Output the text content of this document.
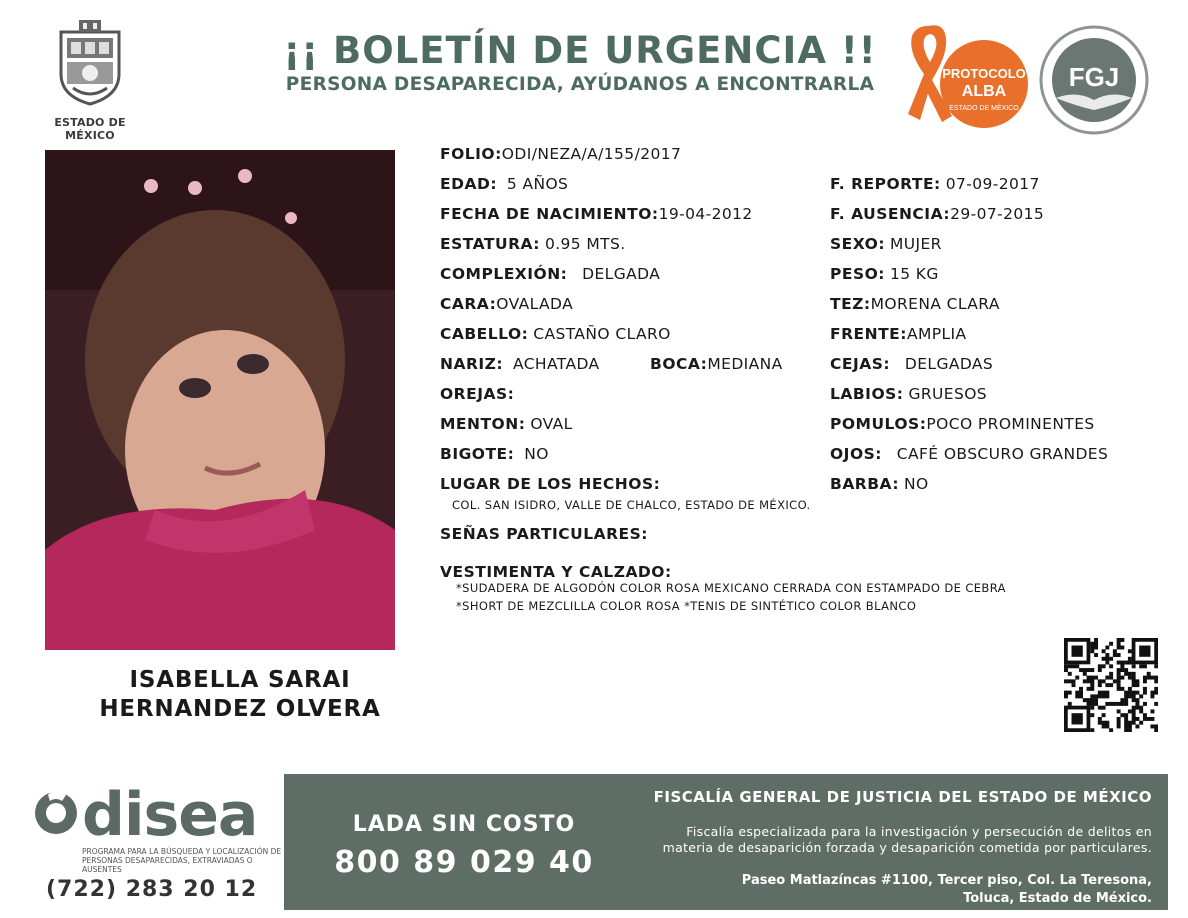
ESTADO DE MÉXICO
¡¡ BOLETÍN DE URGENCIA !!
PERSONA DESAPARECIDA, AYÚDANOS A ENCONTRARLA
PROTOCOLO
ALBA
ESTADO DE MÉXICO
FGJ
ISABELLA SARAI
HERNANDEZ OLVERA
FOLIO:ODI/NEZA/A/155/2017
EDAD: 5 AÑOS
FECHA DE NACIMIENTO:19-04-2012
ESTATURA: 0.95 MTS.
COMPLEXIÓN: DELGADA
CARA:OVALADA
CABELLO: CASTAÑO CLARO
NARIZ: ACHATADA	BOCA:MEDIANA
OREJAS:
MENTON: OVAL
BIGOTE: NO
LUGAR DE LOS HECHOS:
COL. SAN ISIDRO, VALLE DE CHALCO, ESTADO DE MÉXICO.
SEÑAS PARTICULARES:
VESTIMENTA Y CALZADO:
*SUDADERA DE ALGODÓN COLOR ROSA MEXICANO CERRADA CON ESTAMPADO DE CEBRA
*SHORT DE MEZCLILLA COLOR ROSA *TENIS DE SINTÉTICO COLOR BLANCO
F. REPORTE: 07-09-2017
F. AUSENCIA:29-07-2015
SEXO: MUJER
PESO: 15 KG
TEZ:MORENA CLARA
FRENTE:AMPLIA
CEJAS: DELGADAS
LABIOS: GRUESOS
POMULOS:POCO PROMINENTES
OJOS: CAFÉ OBSCURO GRANDES
BARBA: NO
disea
PROGRAMA PARA LA BÚSQUEDA Y LOCALIZACIÓN DE PERSONAS DESAPARECIDAS, EXTRAVIADAS O AUSENTES
(722) 283 20 12
LADA SIN COSTO
800 89 029 40
FISCALÍA GENERAL DE JUSTICIA DEL ESTADO DE MÉXICO
Fiscalía especializada para la investigación y persecución de delitos en
materia de desaparición forzada y desaparición cometida por particulares.
Paseo Matlazíncas #1100, Tercer piso, Col. La Teresona,
Toluca, Estado de México.
